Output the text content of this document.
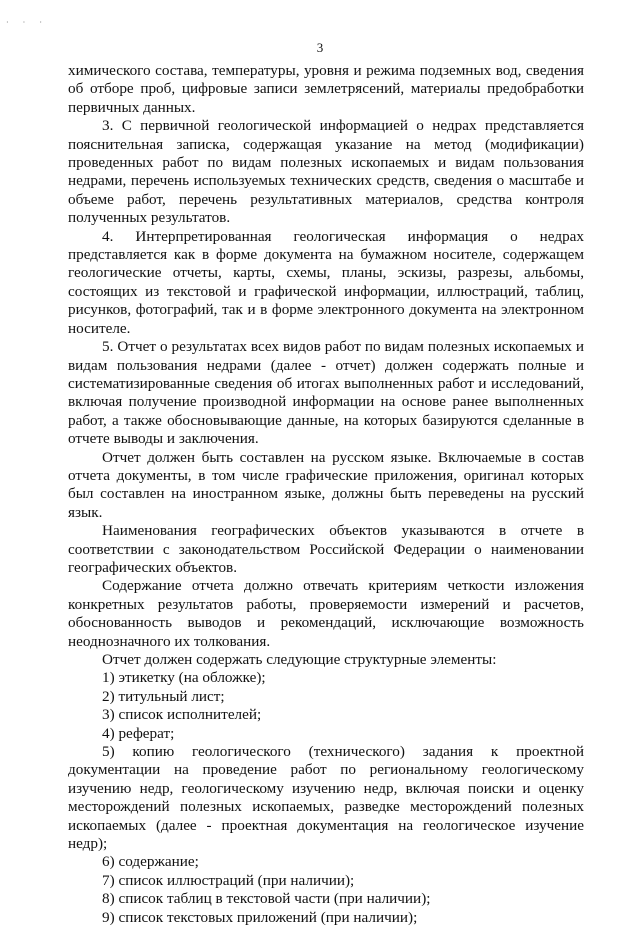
· · ·
3

химического состава, температуры, уровня и режима подземных вод, сведения об отборе проб, цифровые записи землетрясений, материалы предобработки первичных данных.

3. С первичной геологической информацией о недрах представляется пояснительная записка, содержащая указание на метод (модификации) проведенных работ по видам полезных ископаемых и видам пользования недрами, перечень используемых технических средств, сведения о масштабе и объеме работ, перечень результативных материалов, средства контроля полученных результатов.

4. Интерпретированная геологическая информация о недрах представляется как в форме документа на бумажном носителе, содержащем геологические отчеты, карты, схемы, планы, эскизы, разрезы, альбомы, состоящих из текстовой и графической информации, иллюстраций, таблиц, рисунков, фотографий, так и в форме электронного документа на электронном носителе.

5. Отчет о результатах всех видов работ по видам полезных ископаемых и видам пользования недрами (далее - отчет) должен содержать полные и систематизированные сведения об итогах выполненных работ и исследований, включая получение производной информации на основе ранее выполненных работ, а также обосновывающие данные, на которых базируются сделанные в отчете выводы и заключения.

Отчет должен быть составлен на русском языке. Включаемые в состав отчета документы, в том числе графические приложения, оригинал которых был составлен на иностранном языке, должны быть переведены на русский язык.

Наименования географических объектов указываются в отчете в соответствии с законодательством Российской Федерации о наименовании географических объектов.

Содержание отчета должно отвечать критериям четкости изложения конкретных результатов работы, проверяемости измерений и расчетов, обоснованность выводов и рекомендаций, исключающие возможность неоднозначного их толкования.

Отчет должен содержать следующие структурные элементы:

1) этикетку (на обложке);

2) титульный лист;

3) список исполнителей;

4) реферат;

5) копию геологического (технического) задания к проектной документации на проведение работ по региональному геологическому изучению недр, геологическому изучению недр, включая поиски и оценку месторождений полезных ископаемых, разведке месторождений полезных ископаемых (далее - проектная документация на геологическое изучение недр);

6) содержание;

7) список иллюстраций (при наличии);

8) список таблиц в текстовой части (при наличии);

9) список текстовых приложений (при наличии);
